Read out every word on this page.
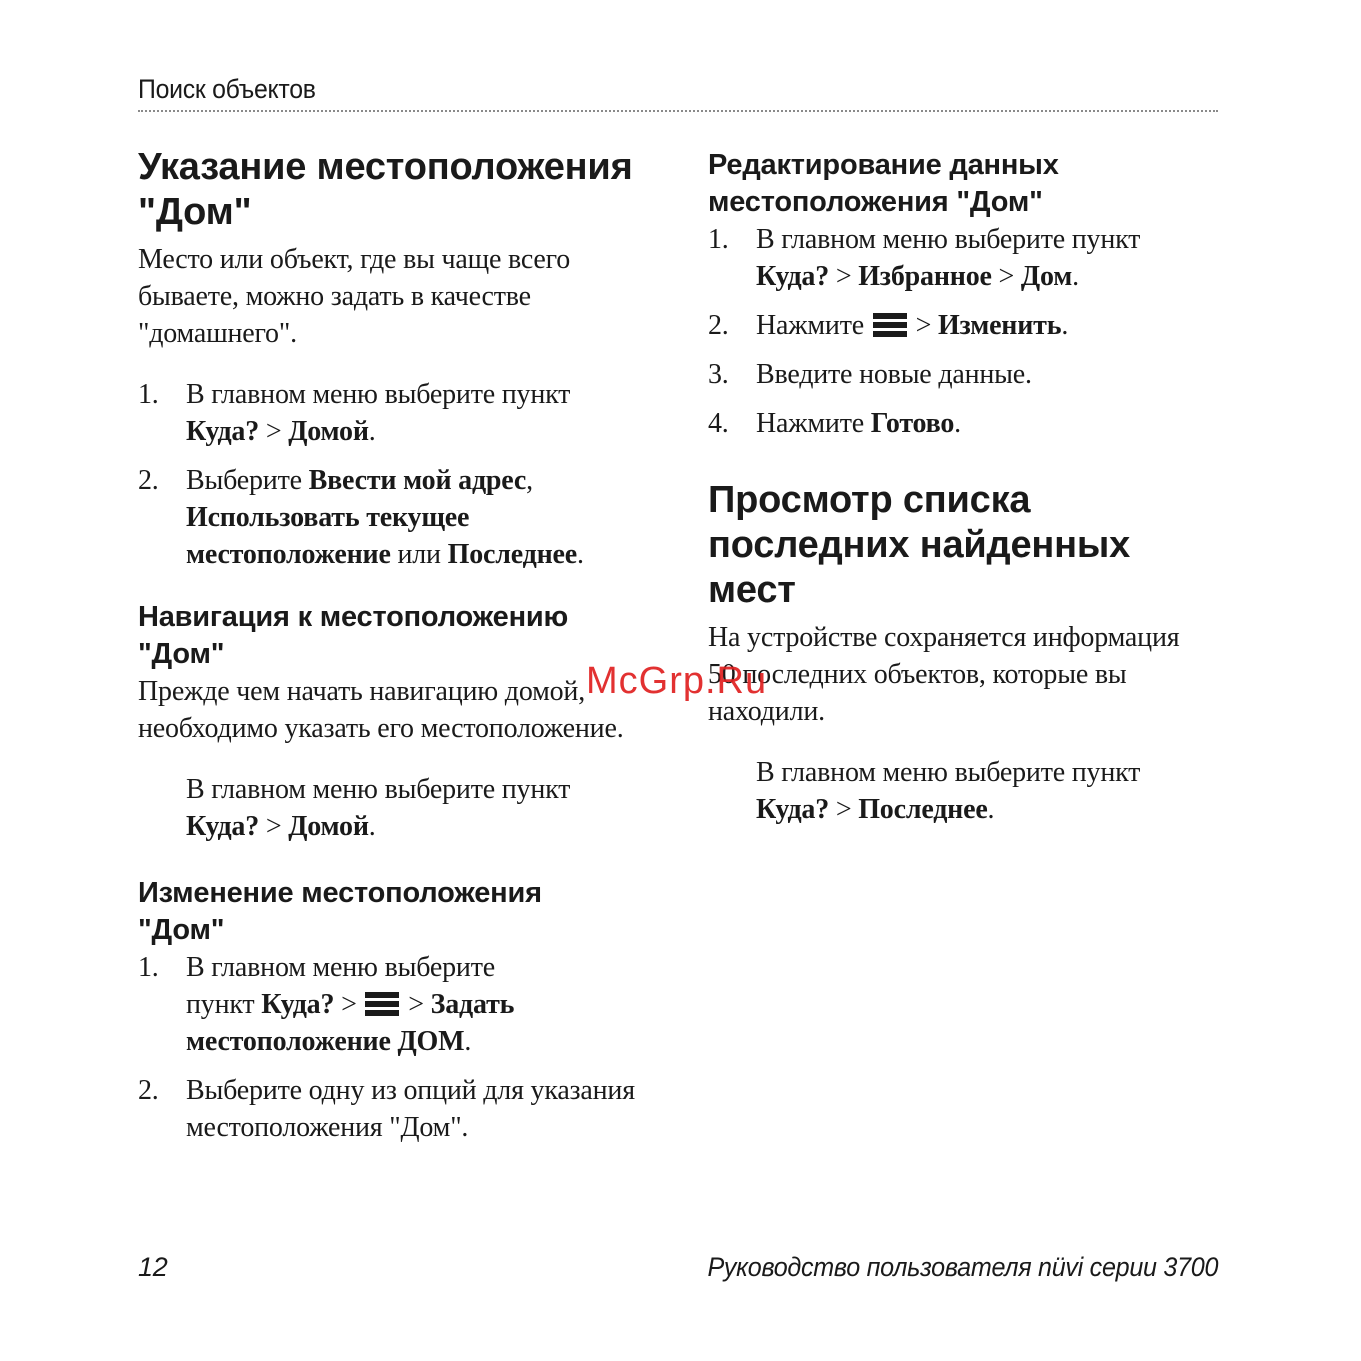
Поиск объектов
Указание местоположения
"Дом"

Место или объект, где вы чаще всего
бываете, можно задать в качестве
"домашнего".

1. В главном меню выберите пункт
Куда? > Домой.
2. Выберите Ввести мой адрес,
Использовать текущее
местоположение или Последнее.
Навигация к местоположению
"Дом"

Прежде чем начать навигацию домой,
необходимо указать его местоположение.

В главном меню выберите пункт
Куда? > Домой.
Изменение местоположения
"Дом"
1. В главном меню выберите
пункт Куда? >  > Задать
местоположение ДОМ.
2. Выберите одну из опций для указания
местоположения "Дом".
Редактирование данных
местоположения "Дом"
1. В главном меню выберите пункт
Куда? > Избранное > Дом.
2. Нажмите  > Изменить.
3. Введите новые данные.
4. Нажмите Готово.
Просмотр списка
последних найденных
мест

На устройстве сохраняется информация
50 последних объектов, которые вы
находили.

В главном меню выберите пункт
Куда? > Последнее.
McGrp.Ru
12	Руководство пользователя nüvi серии 3700
